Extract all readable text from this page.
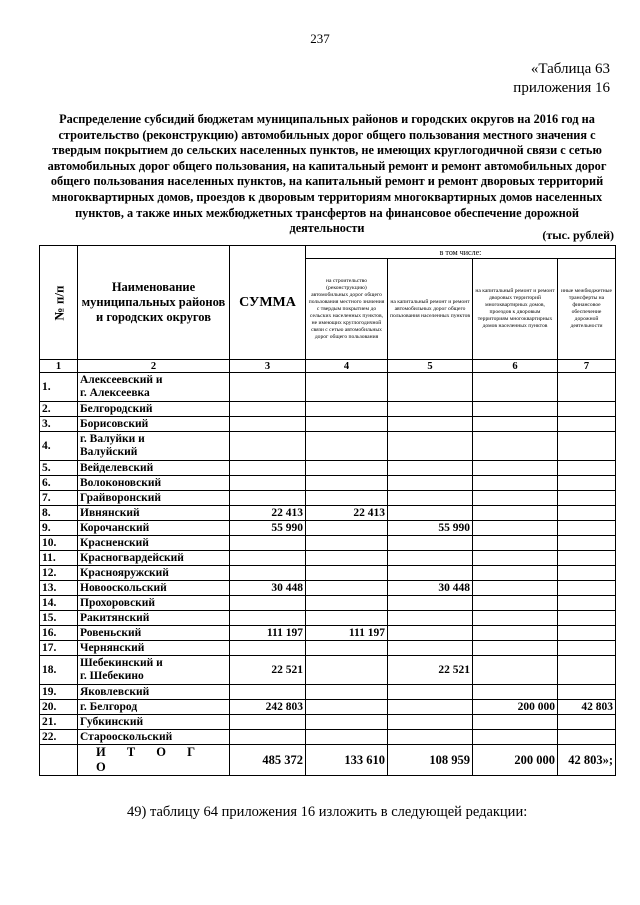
237
«Таблица 63
приложения 16
Распределение субсидий бюджетам муниципальных районов и городских округов на 2016 год на строительство (реконструкцию) автомобильных дорог общего пользования местного значения с твердым покрытием до сельских населенных пунктов, не имеющих круглогодичной связи с сетью автомобильных дорог общего пользования, на капитальный ремонт и ремонт автомобильных дорог общего пользования населенных пунктов, на капитальный ремонт и ремонт дворовых территорий многоквартирных домов, проездов к дворовым территориям многоквартирных домов населенных пунктов, а также иных межбюджетных трансфертов на финансовое обеспечение дорожной деятельности	(тыс. рублей)
№ п/п	Наименование муниципальных районов и городских округов	СУММА	в том числе:			
			на строительство (реконструкцию) автомобильных дорог общего пользования местного значения с твердым покрытием до сельских населенных пунктов, не имеющих круглогодичной связи с сетью автомобильных дорог общего пользования	на капитальный ремонт и ремонт автомобильных дорог общего пользования населенных пунктов	на капитальный ремонт и ремонт дворовых территорий многоквартирных домов, проездов к дворовым территориям многоквартирных домов населенных пунктов	иные межбюджетные трансферты на финансовое обеспечение дорожной деятельности
1	2	3	4	5	6	7
1.	Алексеевский и
г. Алексеевка					

2.	Белгородский					

3.	Борисовский					

4.	г. Валуйки и
Валуйский					

5.	Вейделевский					

6.	Волоконовский					

7.	Грайворонский					

8.	Ивнянский	22 413	22 413			
9.	Корочанский	55 990		55 990		
10.	Красненский					

11.	Красногвардейский					

12.	Краснояружский					

13.	Новооскольский	30 448		30 448		
14.	Прохоровский					

15.	Ракитянский					

16.	Ровеньский	111 197	111 197			
17.	Чернянский					

18.	Шебекинский и
г. Шебекино	22 521		22 521		
19.	Яковлевский					

20.	г. Белгород	242 803			200 000	42 803
21.	Губкинский					

22.	Старооскольский					

	И Т О Г О	485 372	133 610	108 959	200 000	42 803»;
49) таблицу 64 приложения 16 изложить в следующей редакции:
